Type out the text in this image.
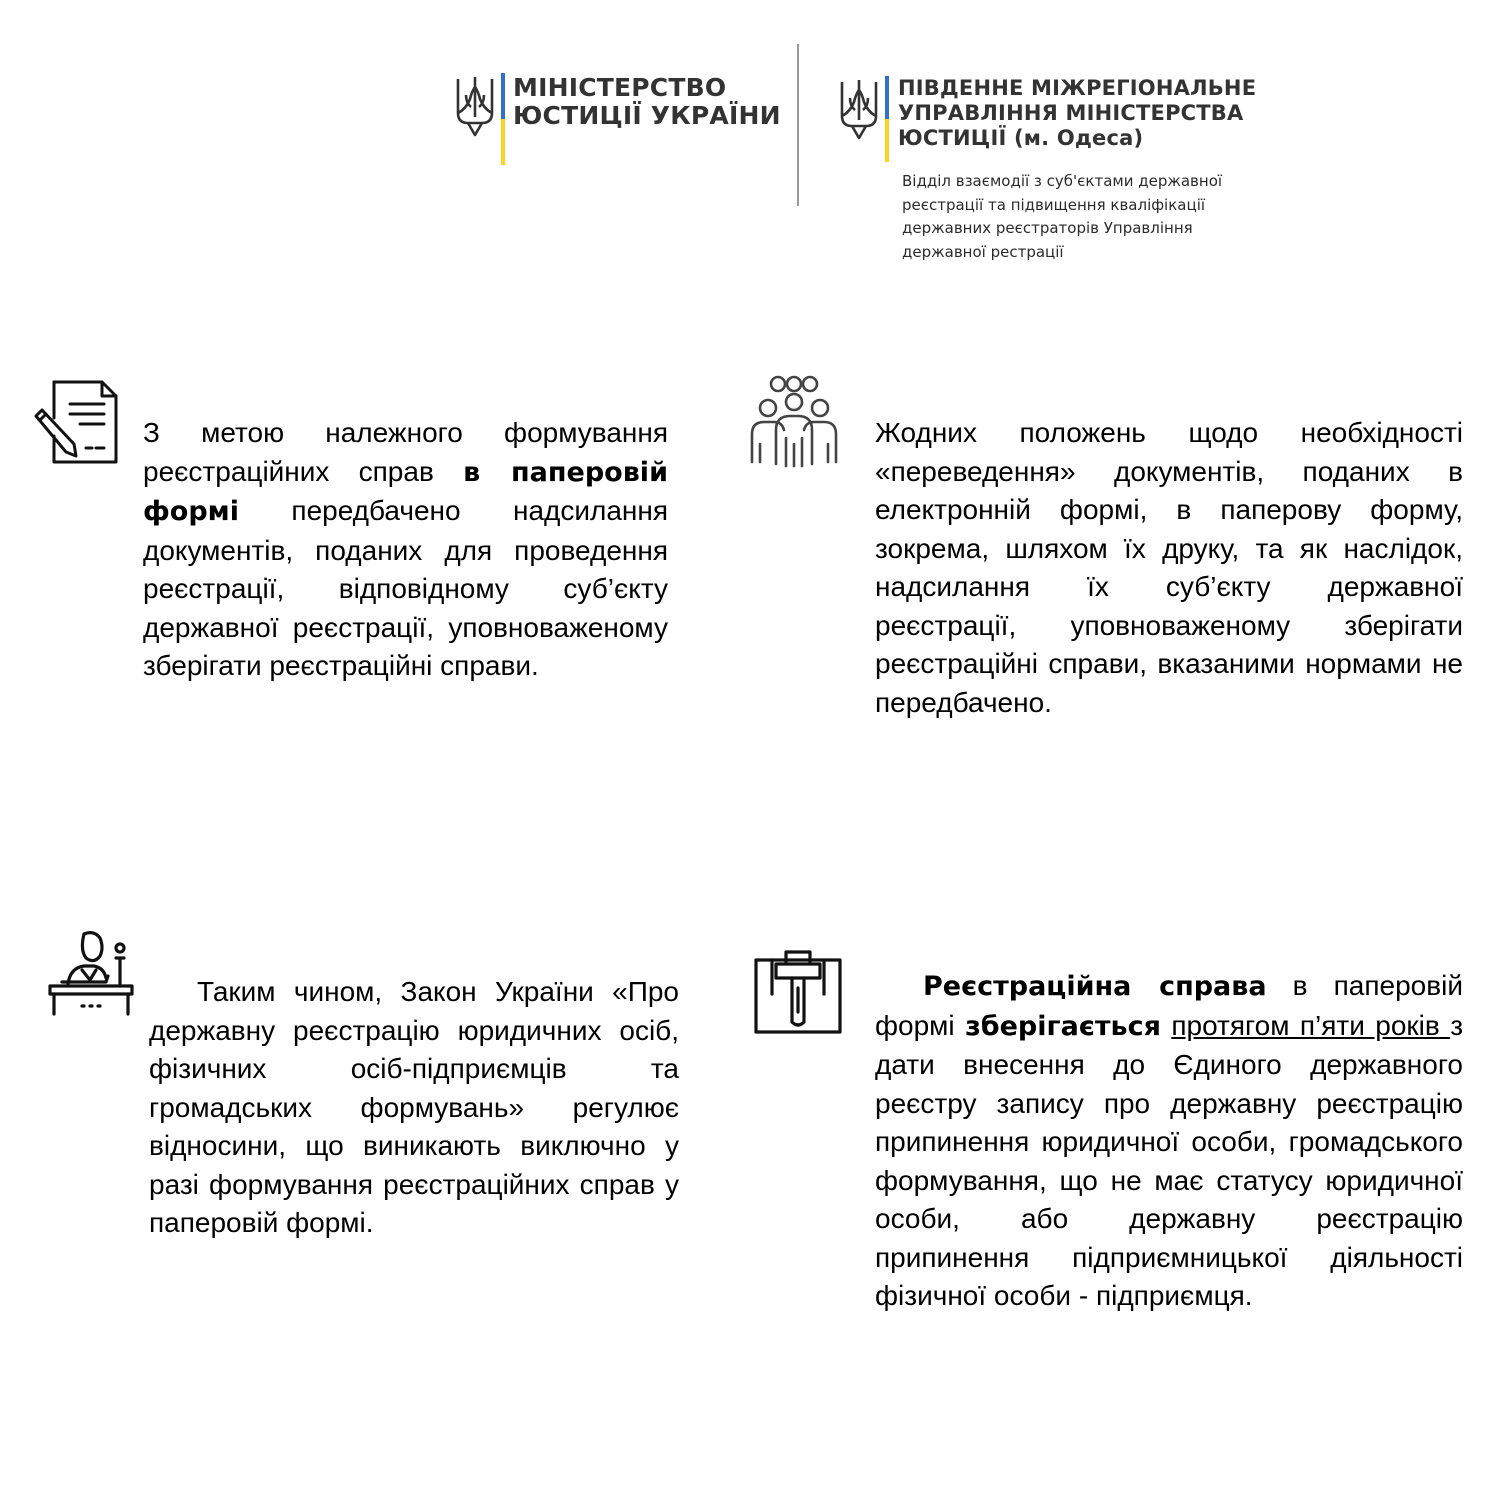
МІНІСТЕРСТВО
ЮСТИЦІЇ УКРАЇНИ
ПІВДЕННЕ МІЖРЕГІОНАЛЬНЕ
УПРАВЛІННЯ МІНІСТЕРСТВА
ЮСТИЦІЇ (м. Одеса)
Відділ взаємодії з суб'єктами державної
реєстрації та підвищення кваліфікації
державних реєстраторів Управління
державної рестрації

З метою належного формування реєстраційних справ в паперовій формі передбачено надсилання документів, поданих для проведення реєстрації, відповідному суб’єкту державної реєстрації, уповноваженому зберігати реєстраційні справи.

Жодних положень щодо необхідності «переведення» документів, поданих в електронній формі, в паперову форму, зокрема, шляхом їх друку, та як наслідок, надсилання їх суб’єкту державної реєстрації, уповноваженому зберігати реєстраційні справи, вказаними нормами не передбачено.

Таким чином, Закон України «Про державну реєстрацію юридичних осіб, фізичних осіб-підприємців та громадських формувань» регулює відносини, що виникають виключно у разі формування реєстраційних справ у паперовій формі.

Реєстраційна справа в паперовій формі зберігається протягом п’яти років з дати внесення до Єдиного державного реєстру запису про державну реєстрацію припинення юридичної особи, громадського формування, що не має статусу юридичної особи, або державну реєстрацію припинення підприємницької діяльності фізичної особи - підприємця.
